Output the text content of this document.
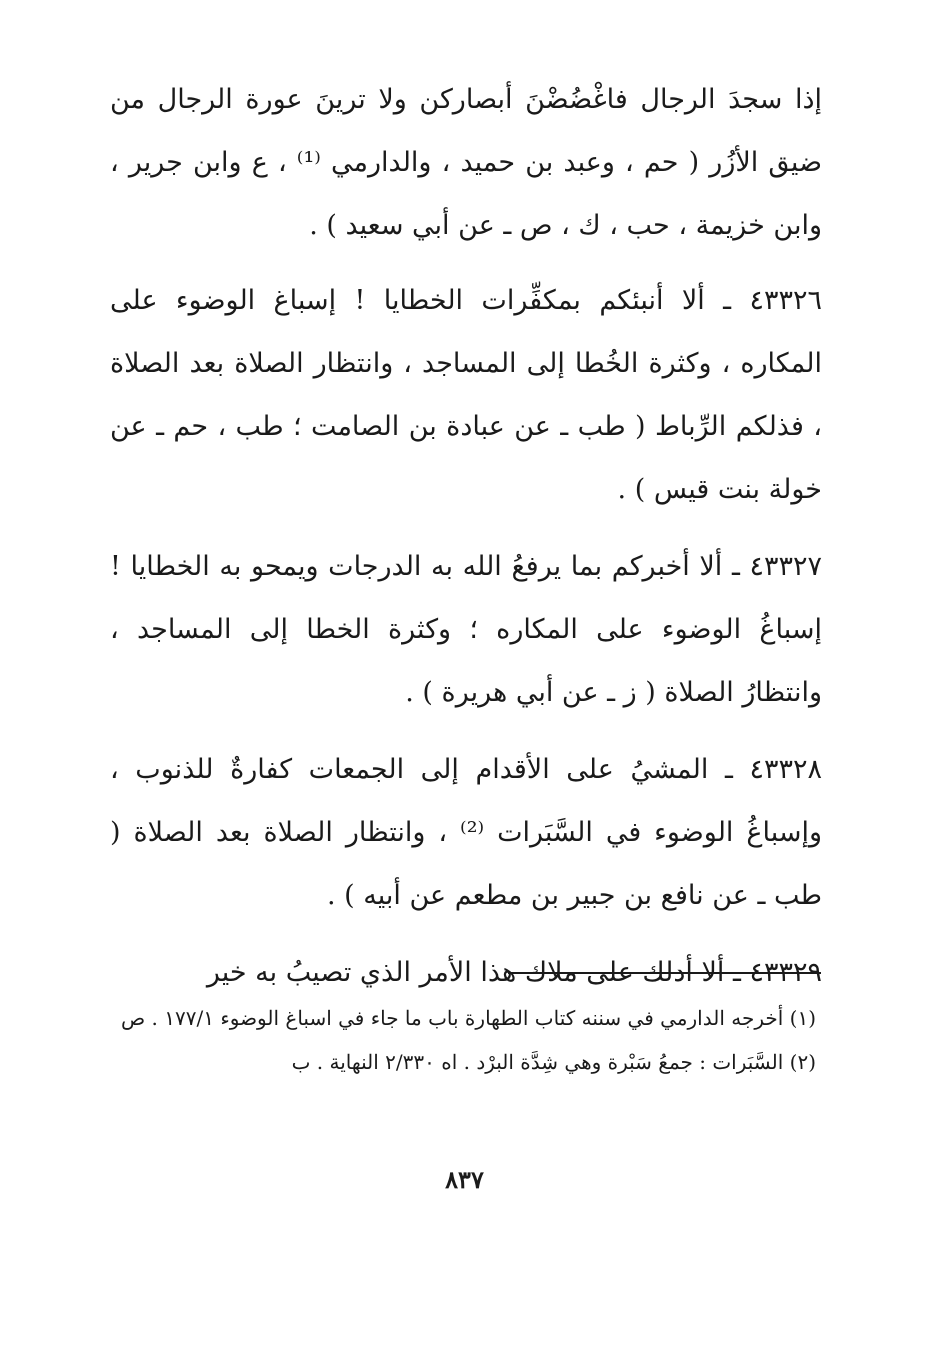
إذا سجدَ الرجال فاغْضُضْنَ أبصاركن ولا ترينَ عورة الرجال من ضيق الأزُر ( حم ، وعبد بن حميد ، والدارمي ⁽¹⁾ ، ع وابن جرير ، وابن خزيمة ، حب ، ك ، ص ـ عن أبي سعيد ) .

٤٣٣٢٦ ـ ألا أنبئكم بمكفِّرات الخطايا ! إسباغ الوضوء على المكاره ، وكثرة الخُطا إلى المساجد ، وانتظار الصلاة بعد الصلاة ، فذلكم الرِّباط ( طب ـ عن عبادة بن الصامت ؛ طب ، حم ـ عن خولة بنت قيس ) .

٤٣٣٢٧ ـ ألا أخبركم بما يرفعُ الله به الدرجات ويمحو به الخطايا ! إسباغُ الوضوء على المكاره ؛ وكثرة الخطا إلى المساجد ، وانتظارُ الصلاة ( ز ـ عن أبي هريرة ) .

٤٣٣٢٨ ـ المشيُ على الأقدام إلى الجمعات كفارةٌ للذنوب ، وإسباغُ الوضوء في السَّبَرات ⁽²⁾ ، وانتظار الصلاة بعد الصلاة ( طب ـ عن نافع بن جبير بن مطعم عن أبيه ) .

٤٣٣٢٩ ـ ألا أدلك على ملاك هذا الأمر الذي تصيبُ به خير

(١) أخرجه الدارمي في سننه كتاب الطهارة باب ما جاء في اسباغ الوضوء ١٧٧/١ . ص

(٢) السَّبَرات : جمعُ سَبْرة وهي شِدَّة البرْد . اه ٢/٣٣٠ النهاية . ب

٨٣٧
